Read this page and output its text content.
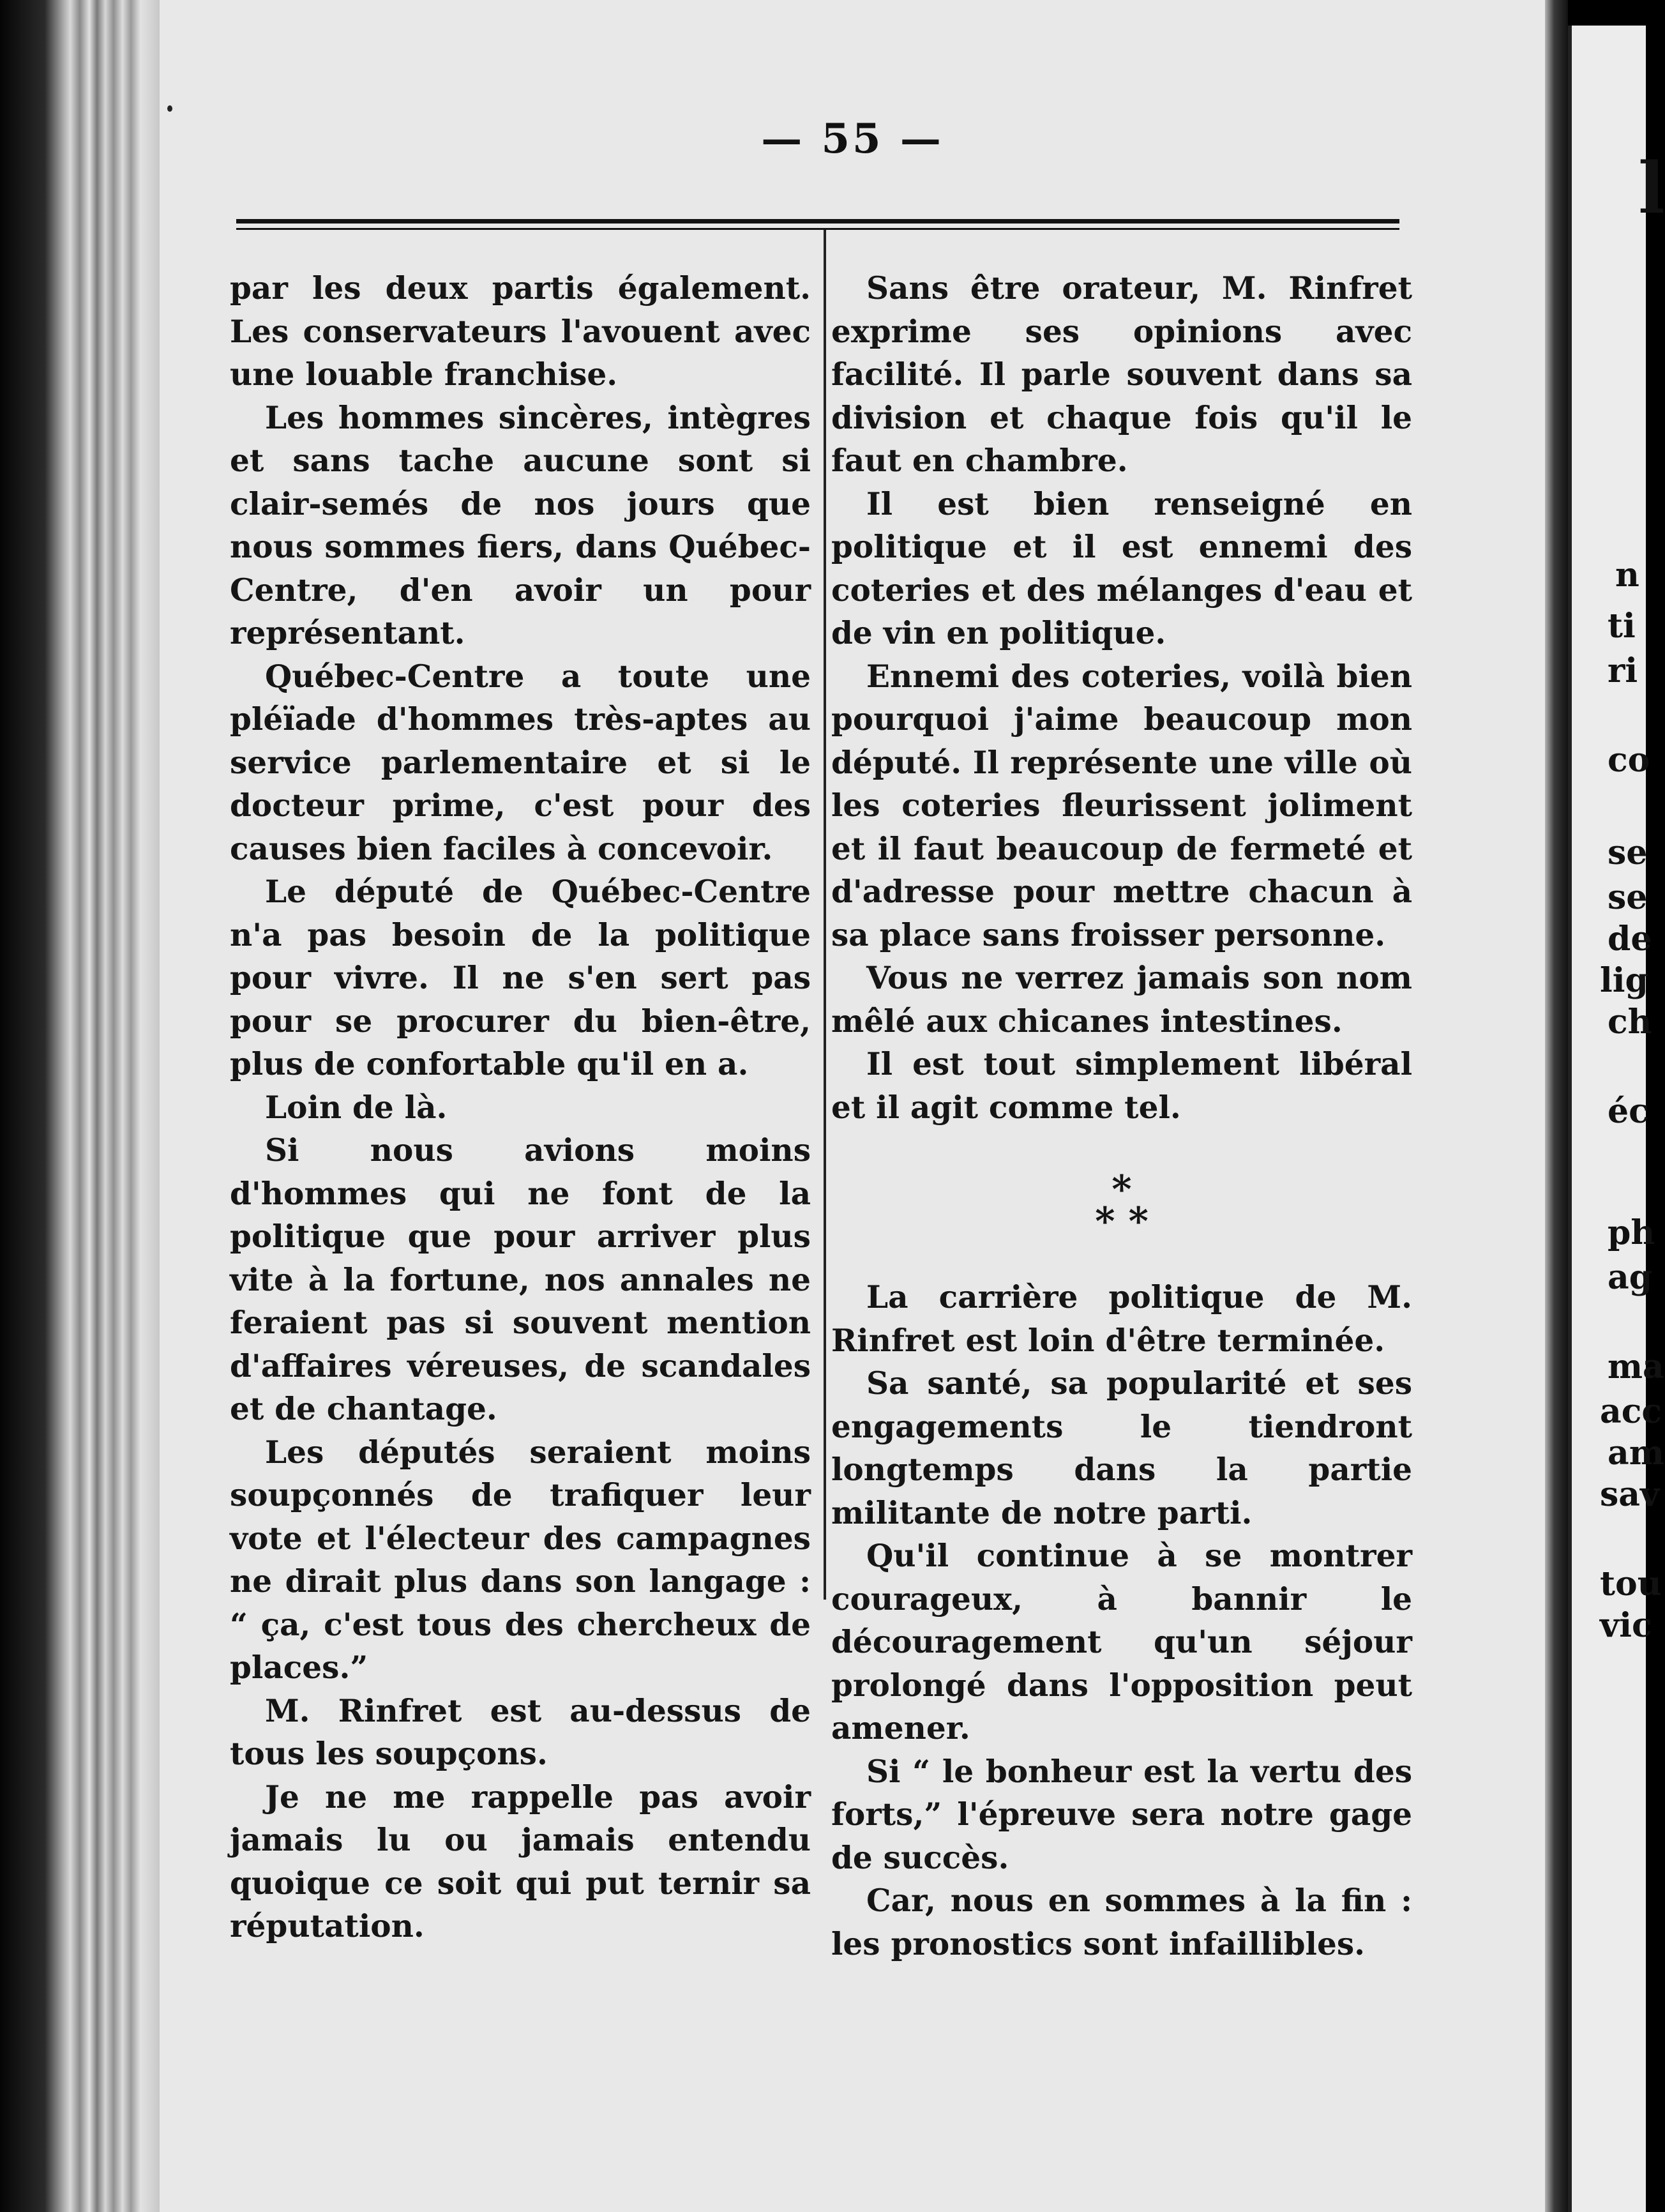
— 55 —

par les deux partis également. Les conservateurs l'avouent avec une louable franchise.

Les hommes sincères, intègres et sans tache aucune sont si clair-semés de nos jours que nous sommes fiers, dans Québec-Centre, d'en avoir un pour représentant.

Québec-Centre a toute une pléïade d'hommes très-aptes au service parlementaire et si le docteur prime, c'est pour des causes bien faciles à concevoir.

Le député de Québec-Centre n'a pas besoin de la politique pour vivre. Il ne s'en sert pas pour se procurer du bien-être, plus de confortable qu'il en a.

Loin de là.

Si nous avions moins d'hommes qui ne font de la politique que pour arriver plus vite à la fortune, nos annales ne feraient pas si souvent mention d'affaires véreuses, de scandales et de chantage.

Les députés seraient moins soupçonnés de trafiquer leur vote et l'électeur des campagnes ne dirait plus dans son langage : “ ça, c'est tous des chercheux de places.”

M. Rinfret est au-dessus de tous les soupçons.

Je ne me rappelle pas avoir jamais lu ou jamais entendu quoique ce soit qui put ternir sa réputation.

Sans être orateur, M. Rinfret exprime ses opinions avec facilité. Il parle souvent dans sa division et chaque fois qu'il le faut en chambre.

Il est bien renseigné en politique et il est ennemi des coteries et des mélanges d'eau et de vin en politique.

Ennemi des coteries, voilà bien pourquoi j'aime beaucoup mon député. Il représente une ville où les coteries fleurissent joliment et il faut beaucoup de fermeté et d'adresse pour mettre chacun à sa place sans froisser personne.

Vous ne verrez jamais son nom mêlé aux chicanes intestines.

Il est tout simplement libéral et il agit comme tel.

*
* *

La carrière politique de M. Rinfret est loin d'être terminée.

Sa santé, sa popularité et ses engagements le tiendront longtemps dans la partie militante de notre parti.

Qu'il continue à se montrer courageux, à bannir le découragement qu'un séjour prolongé dans l'opposition peut amener.

Si “ le bonheur est la vertu des forts,” l'épreuve sera notre gage de succès.

Car, nous en sommes à la fin : les pronostics sont infaillibles.

l
n
ti
ri
co
se
se
de
lig
ch
éc
ph
ag
ma
acc
am
sav
tou
vic
